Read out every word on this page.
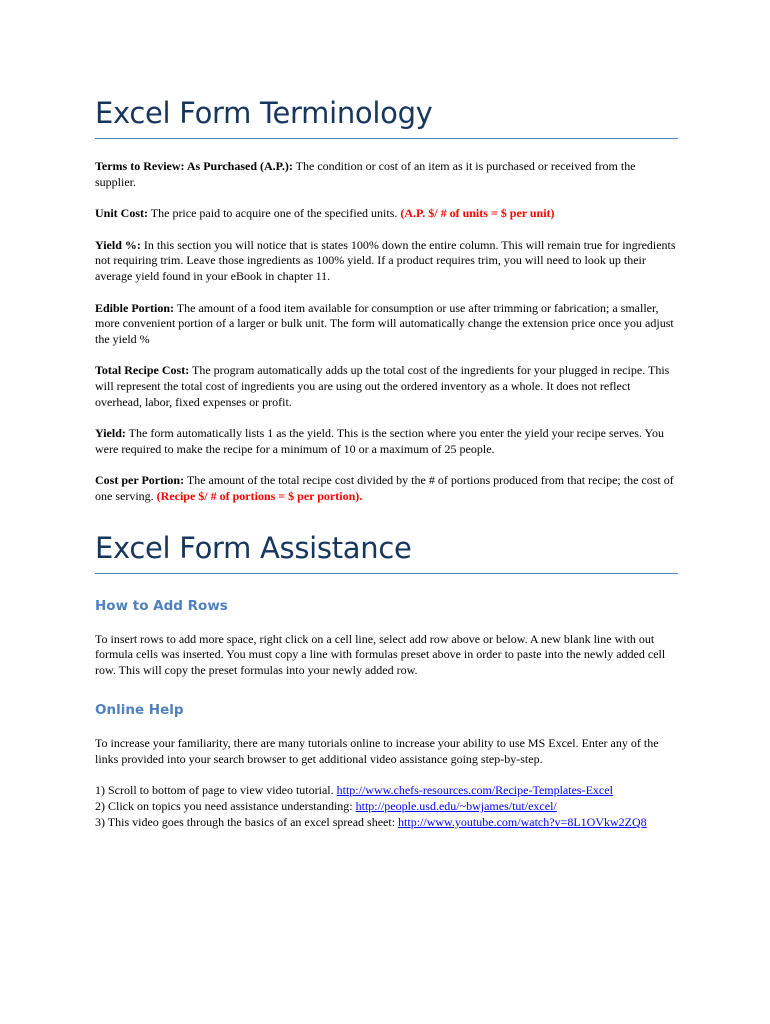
Excel Form Terminology

Terms to Review: As Purchased (A.P.): The condition or cost of an item as it is purchased or received from the supplier.

Unit Cost: The price paid to acquire one of the specified units. (A.P. $/ # of units = $ per unit)

Yield %: In this section you will notice that is states 100% down the entire column. This will remain true for ingredients not requiring trim. Leave those ingredients as 100% yield. If a product requires trim, you will need to look up their average yield found in your eBook in chapter 11.

Edible Portion: The amount of a food item available for consumption or use after trimming or fabrication; a smaller, more convenient portion of a larger or bulk unit. The form will automatically change the extension price once you adjust the yield %

Total Recipe Cost: The program automatically adds up the total cost of the ingredients for your plugged in recipe. This will represent the total cost of ingredients you are using out the ordered inventory as a whole. It does not reflect overhead, labor, fixed expenses or profit.

Yield: The form automatically lists 1 as the yield. This is the section where you enter the yield your recipe serves. You were required to make the recipe for a minimum of 10 or a maximum of 25 people.

Cost per Portion: The amount of the total recipe cost divided by the # of portions produced from that recipe; the cost of one serving. (Recipe $/ # of portions = $ per portion).

Excel Form Assistance
How to Add Rows

To insert rows to add more space, right click on a cell line, select add row above or below. A new blank line with out formula cells was inserted. You must copy a line with formulas preset above in order to paste into the newly added cell row. This will copy the preset formulas into your newly added row.

Online Help

To increase your familiarity, there are many tutorials online to increase your ability to use MS Excel. Enter any of the links provided into your search browser to get additional video assistance going step-by-step.

1) Scroll to bottom of page to view video tutorial. http://www.chefs-resources.com/Recipe-Templates-Excel

2) Click on topics you need assistance understanding: http://people.usd.edu/~bwjames/tut/excel/

3) This video goes through the basics of an excel spread sheet: http://www.youtube.com/watch?v=8L1OVkw2ZQ8
